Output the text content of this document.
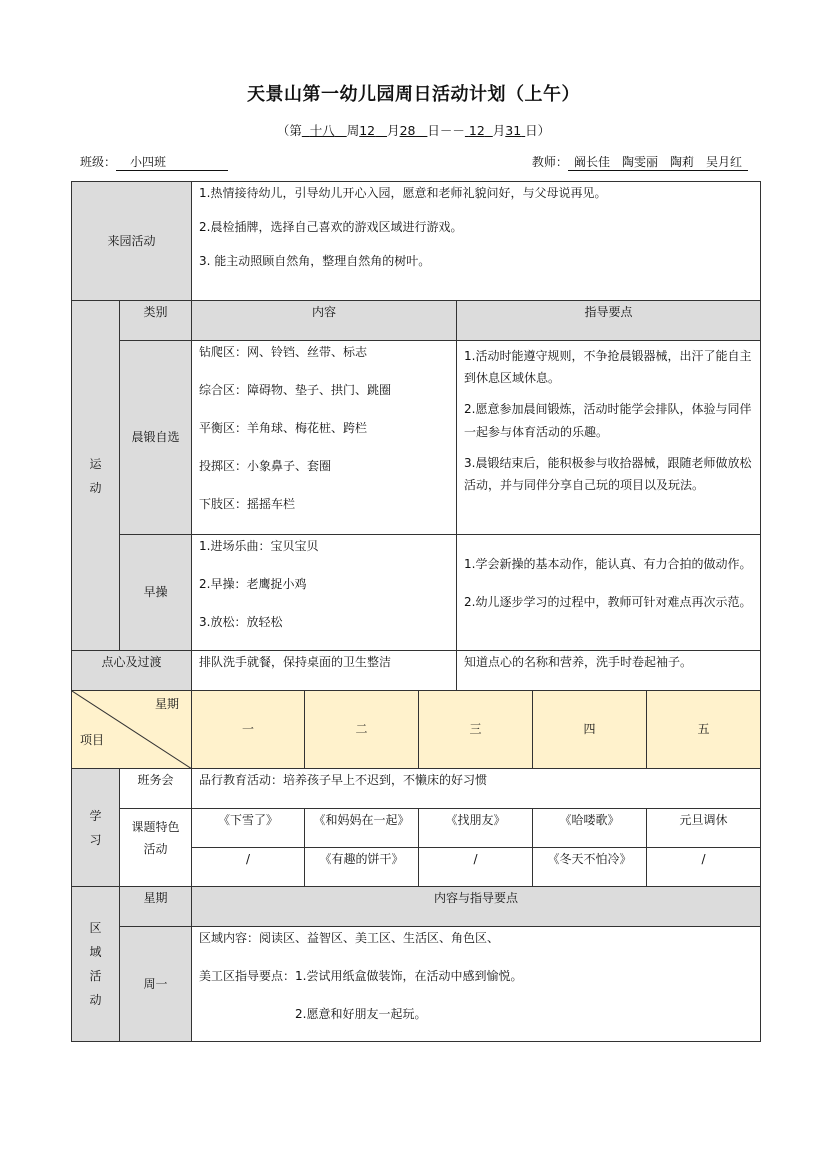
天景山第一幼儿园周日活动计划（上午）
（第 十八 周12 月28 日－－ 12 月31 日）
班级： 小四班	教师： 阚长佳 陶雯丽 陶莉 吴月红
来园活动		1.热情接待幼儿，引导幼儿开心入园，愿意和老师礼貌问好，与父母说再见。
2.晨检插牌，选择自己喜欢的游戏区域进行游戏。
3. 能主动照顾自然角，整理自然角的树叶。					

运
动	类别	内容			指导要点		
	晨锻自选	钻爬区：网、铃铛、丝带、标志
综合区：障碍物、垫子、拱门、跳圈
平衡区：羊角球、梅花桩、跨栏
投掷区：小象鼻子、套圈
下肢区：摇摇车栏			1.活动时能遵守规则，不争抢晨锻器械，出汗了能自主到休息区域休息。
2.愿意参加晨间锻炼，活动时能学会排队，体验与同伴一起参与体育活动的乐趣。
3.晨锻结束后，能积极参与收拾器械，跟随老师做放松活动，并与同伴分享自己玩的项目以及玩法。		

	早操	1.进场乐曲：宝贝宝贝
2.早操：老鹰捉小鸡
3.放松：放轻松			1.学会新操的基本动作，能认真、有力合拍的做动作。
2.幼儿逐步学习的过程中，教师可针对难点再次示范。		

点心及过渡		排队洗手就餐，保持桌面的卫生整洁			知道点心的名称和营养，洗手时卷起袖子。		

星期
项目		一	二	三		四	五
学
习	班务会	品行教育活动：培养孩子早上不迟到，不懒床的好习惯					
	课题特色活动	《下雪了》	《和妈妈在一起》	《找朋友》		《哈喽歌》	元旦调休
		/	《有趣的饼干》	/		《冬天不怕冷》	/
区
域
活
动	星期	内容与指导要点					
	周一	区域内容：阅读区、益智区、美工区、生活区、角色区、
美工区指导要点：1.尝试用纸盒做装饰，在活动中感到愉悦。
2.愿意和好朋友一起玩。					
